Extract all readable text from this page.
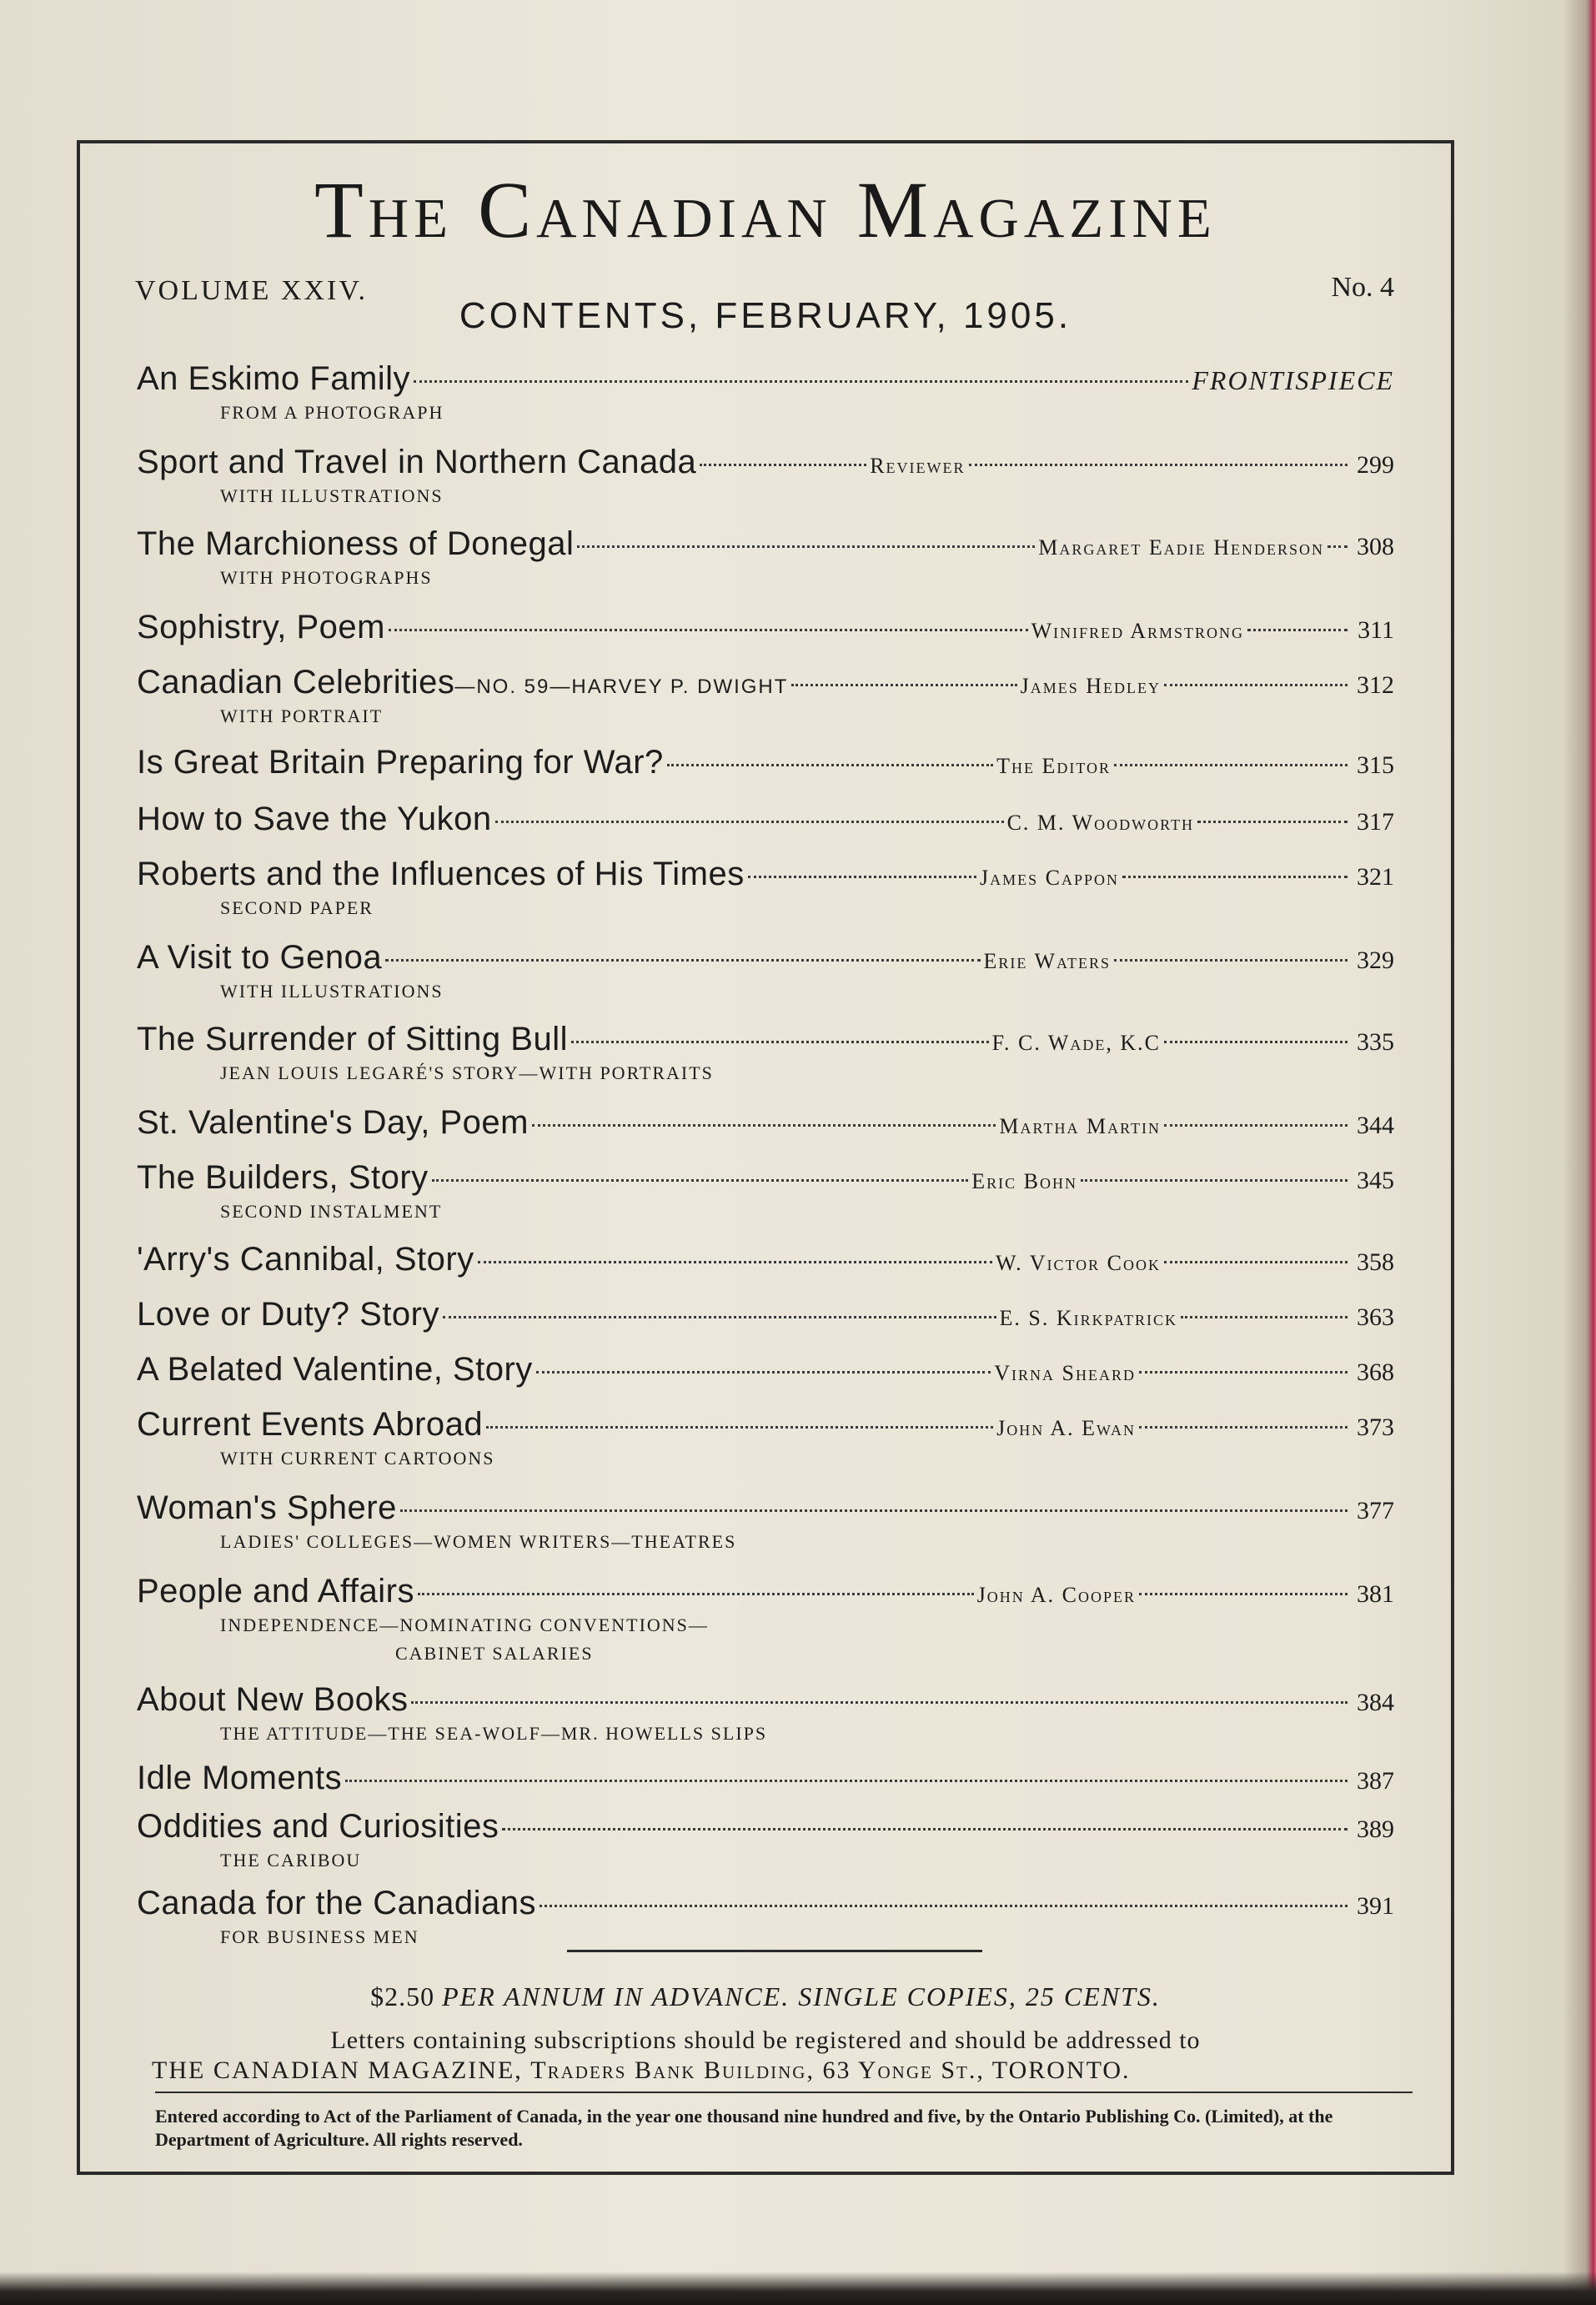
The Canadian Magazine
VOLUME XXIV.	No. 4
CONTENTS, FEBRUARY, 1905.
An Eskimo Family	FRONTISPIECE
FROM A PHOTOGRAPH
Sport and Travel in Northern Canada	Reviewer	299
WITH ILLUSTRATIONS
The Marchioness of Donegal	Margaret Eadie Henderson 308
WITH PHOTOGRAPHS
Sophistry, Poem	Winifred Armstrong	311
Canadian Celebrities —NO. 59—HARVEY P. DWIGHT	James Hedley	312
WITH PORTRAIT
Is Great Britain Preparing for War?	The Editor	315
How to Save the Yukon	C. M. Woodworth	317
Roberts and the Influences of His Times	James Cappon	321
SECOND PAPER
A Visit to Genoa	Erie Waters	329
WITH ILLUSTRATIONS
The Surrender of Sitting Bull	F. C. Wade, K.C	335
JEAN LOUIS LEGARÉ'S STORY—WITH PORTRAITS
St. Valentine's Day, Poem	Martha Martin	344
The Builders, Story	Eric Bohn	345
SECOND INSTALMENT
'Arry's Cannibal, Story	W. Victor Cook	358
Love or Duty? Story	E. S. Kirkpatrick	363
A Belated Valentine, Story	Virna Sheard	368
Current Events Abroad	John A. Ewan	373
WITH CURRENT CARTOONS
Woman's Sphere	377
LADIES' COLLEGES—WOMEN WRITERS—THEATRES
People and Affairs	John A. Cooper	381
INDEPENDENCE—NOMINATING CONVENTIONS—
CABINET SALARIES
About New Books	384
THE ATTITUDE—THE SEA-WOLF—MR. HOWELLS SLIPS
Idle Moments	387
Oddities and Curiosities	389
THE CARIBOU
Canada for the Canadians	391
FOR BUSINESS MEN
$2.50 PER ANNUM IN ADVANCE. SINGLE COPIES, 25 CENTS.
Letters containing subscriptions should be registered and should be addressed to
THE CANADIAN MAGAZINE, Traders Bank Building, 63 Yonge St., TORONTO.
Entered according to Act of the Parliament of Canada, in the year one thousand nine hundred and five, by the Ontario Publishing Co. (Limited), at the Department of Agriculture. All rights reserved.
